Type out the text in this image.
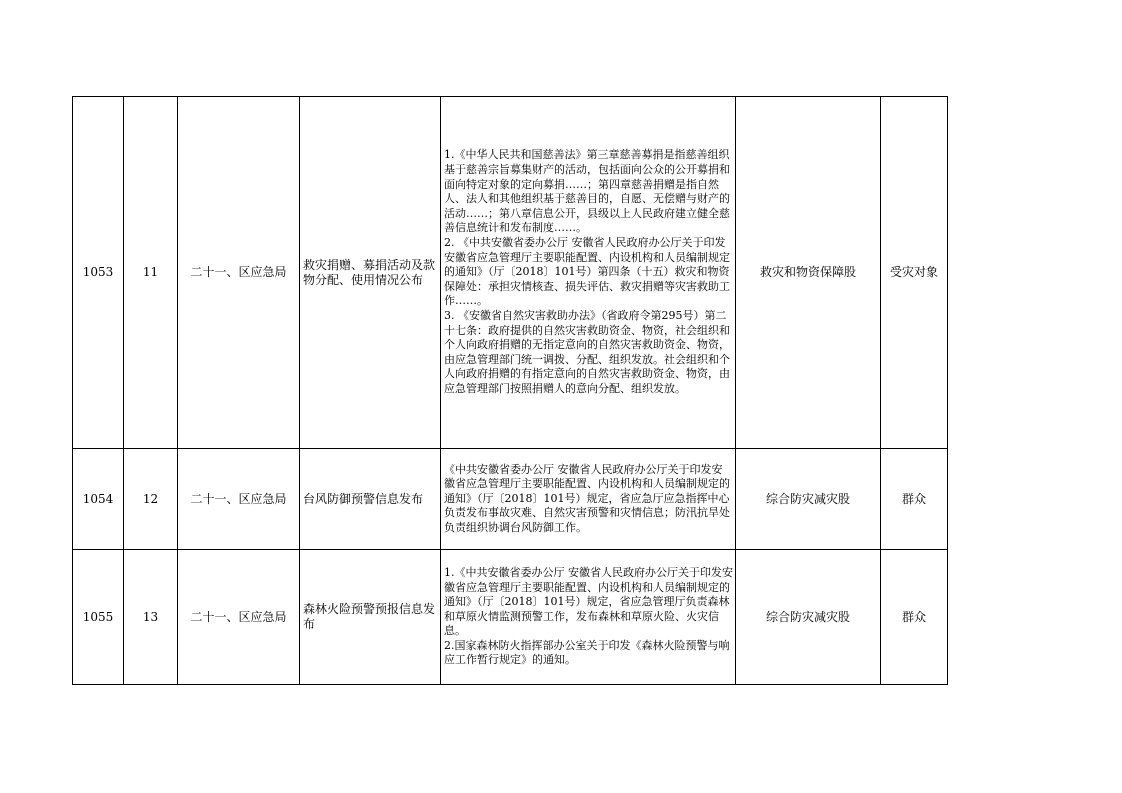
1053	11	二十一、区应急局	救灾捐赠、募捐活动及款物分配、使用情况公布	1.《中华人民共和国慈善法》第三章慈善募捐是指慈善组织基于慈善宗旨募集财产的活动，包括面向公众的公开募捐和面向特定对象的定向募捐……；第四章慈善捐赠是指自然人、法人和其他组织基于慈善目的，自愿、无偿赠与财产的活动……；第八章信息公开，县级以上人民政府建立健全慈善信息统计和发布制度……。
2. 《中共安徽省委办公厅 安徽省人民政府办公厅关于印发安徽省应急管理厅主要职能配置、内设机构和人员编制规定的通知》（厅〔2018〕101号）第四条（十五）救灾和物资保障处：承担灾情核查、损失评估、救灾捐赠等灾害救助工作……。
3. 《安徽省自然灾害救助办法》（省政府令第295号）第二十七条：政府提供的自然灾害救助资金、物资，社会组织和个人向政府捐赠的无指定意向的自然灾害救助资金、物资，由应急管理部门统一调拨、分配、组织发放。社会组织和个人向政府捐赠的有指定意向的自然灾害救助资金、物资，由应急管理部门按照捐赠人的意向分配、组织发放。	救灾和物资保障股	受灾对象
1054	12	二十一、区应急局	台风防御预警信息发布	《中共安徽省委办公厅 安徽省人民政府办公厅关于印发安徽省应急管理厅主要职能配置、内设机构和人员编制规定的通知》（厅〔2018〕101号）规定，省应急厅应急指挥中心负责发布事故灾难、自然灾害预警和灾情信息；防汛抗旱处负责组织协调台风防御工作。	综合防灾减灾股	群众
1055	13	二十一、区应急局	森林火险预警预报信息发布	1.《中共安徽省委办公厅 安徽省人民政府办公厅关于印发安徽省应急管理厅主要职能配置、内设机构和人员编制规定的通知》（厅〔2018〕101号）规定，省应急管理厅负责森林和草原火情监测预警工作，发布森林和草原火险、火灾信息。
2.国家森林防火指挥部办公室关于印发《森林火险预警与响应工作暂行规定》的通知。	综合防灾减灾股	群众
